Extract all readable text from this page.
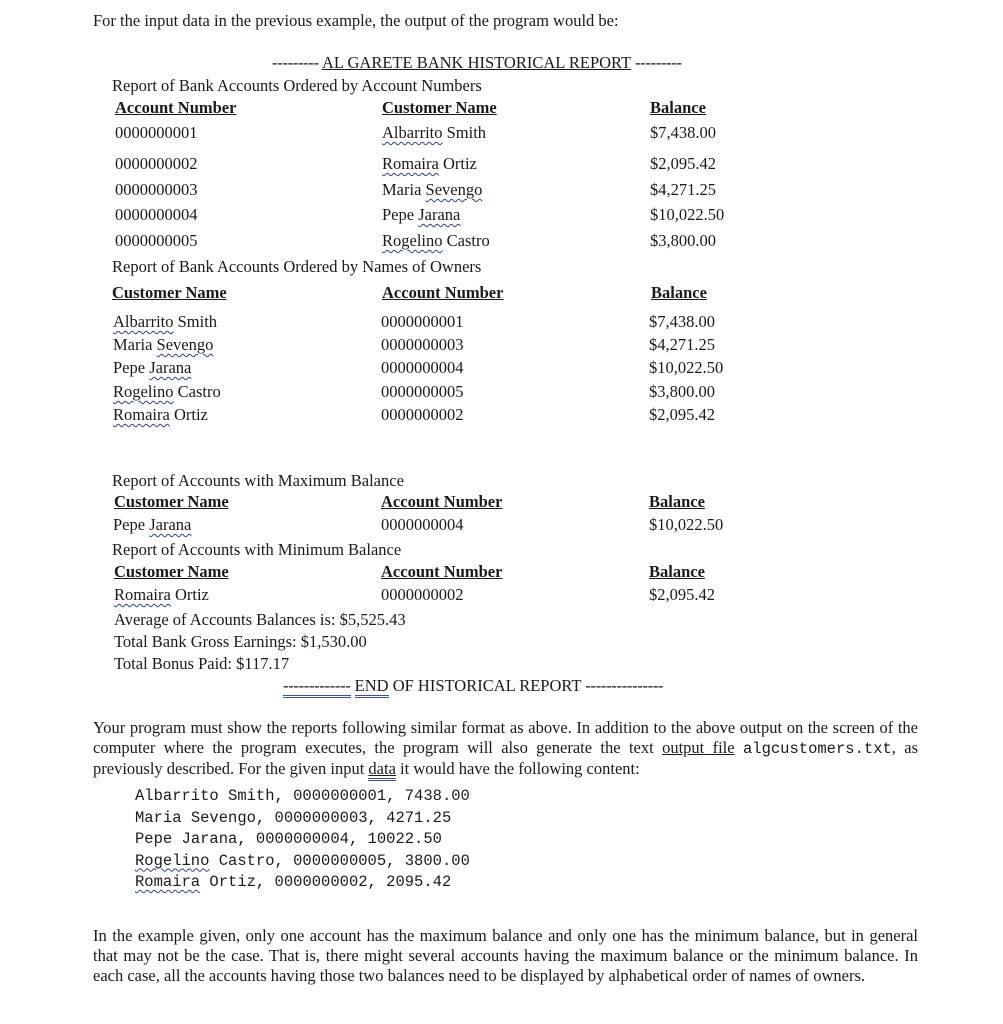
For the input data in the previous example, the output of the program would be:
--------- AL GARETE BANK HISTORICAL REPORT ---------
Report of Bank Accounts Ordered by Account Numbers
Account Number	Customer Name	Balance
0000000001	Albarrito Smith	$7,438.00
0000000002	Romaira Ortiz	$2,095.42
0000000003	Maria Sevengo	$4,271.25
0000000004	Pepe Jarana	$10,022.50
0000000005	Rogelino Castro	$3,800.00
Report of Bank Accounts Ordered by Names of Owners
Customer Name	Account Number	Balance
Albarrito Smith	0000000001	$7,438.00
Maria Sevengo	0000000003	$4,271.25
Pepe Jarana	0000000004	$10,022.50
Rogelino Castro	0000000005	$3,800.00
Romaira Ortiz	0000000002	$2,095.42
Report of Accounts with Maximum Balance
Customer Name	Account Number	Balance
Pepe Jarana	0000000004	$10,022.50
Report of Accounts with Minimum Balance
Customer Name	Account Number	Balance
Romaira Ortiz	0000000002	$2,095.42
Average of Accounts Balances is: $5,525.43
Total Bank Gross Earnings: $1,530.00
Total Bonus Paid: $117.17
------------- END OF HISTORICAL REPORT ---------------
Your program must show the reports following similar format as above. In addition to the above output on the screen of the computer where the program executes, the program will also generate the text output file algcustomers.txt, as previously described. For the given input data it would have the following content:
Albarrito Smith, 0000000001, 7438.00
Maria Sevengo, 0000000003, 4271.25
Pepe Jarana, 0000000004, 10022.50
Rogelino Castro, 0000000005, 3800.00
Romaira Ortiz, 0000000002, 2095.42
In the example given, only one account has the maximum balance and only one has the minimum balance, but in general that may not be the case. That is, there might several accounts having the maximum balance or the minimum balance. In each case, all the accounts having those two balances need to be displayed by alphabetical order of names of owners.
